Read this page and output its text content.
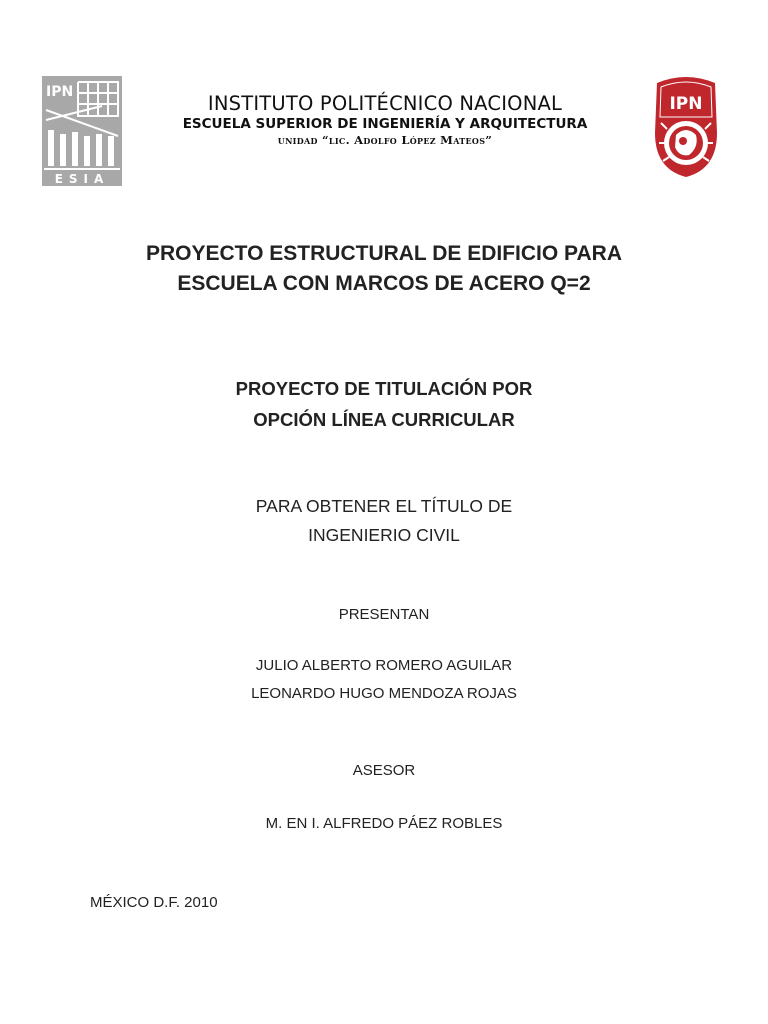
IPN
ESIA
IPN
INSTITUTO POLITÉCNICO NACIONAL
ESCUELA SUPERIOR DE INGENIERÍA Y ARQUITECTURA
unidad “lic. Adolfo López Mateos”
PROYECTO ESTRUCTURAL DE EDIFICIO PARA
ESCUELA CON MARCOS DE ACERO Q=2
PROYECTO DE TITULACIÓN POR
OPCIÓN LÍNEA CURRICULAR
PARA OBTENER EL TÍTULO DE
INGENIERIO CIVIL
PRESENTAN
JULIO ALBERTO ROMERO AGUILAR
LEONARDO HUGO MENDOZA ROJAS
ASESOR
M. EN I. ALFREDO PÁEZ ROBLES
MÉXICO D.F. 2010
